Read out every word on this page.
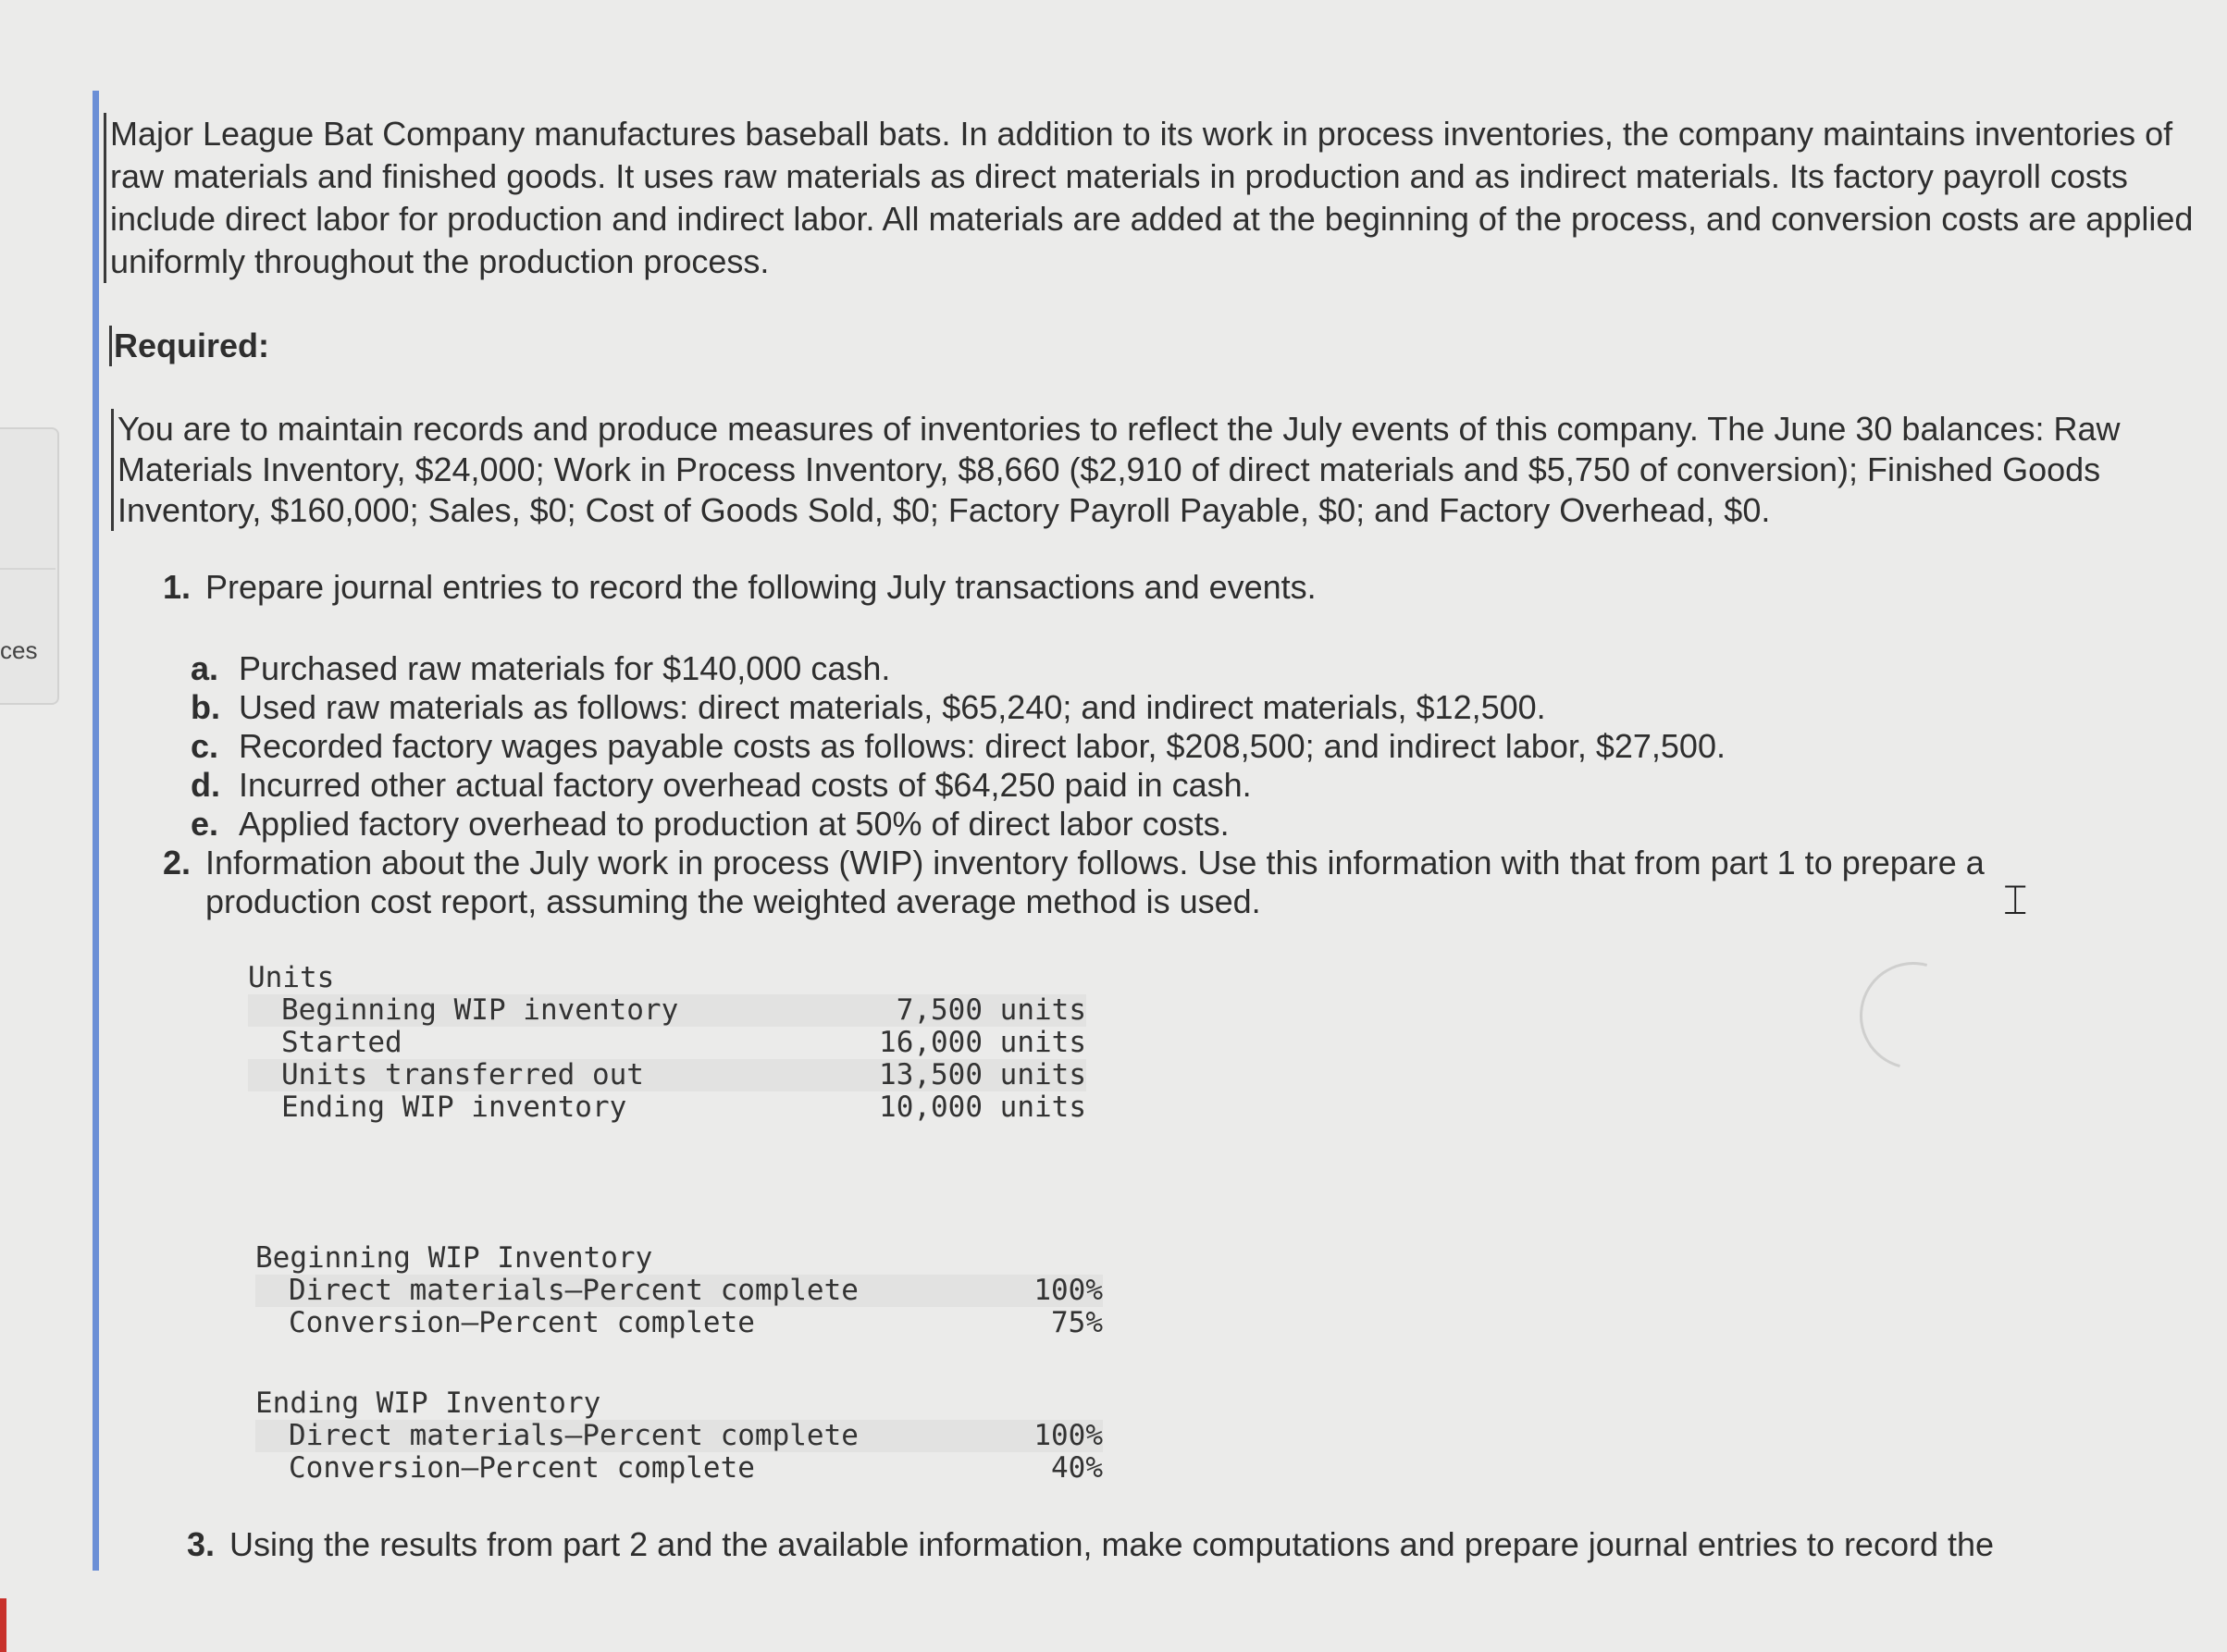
ces

Major League Bat Company manufactures baseball bats. In addition to its work in process inventories, the company maintains inventories of raw materials and finished goods. It uses raw materials as direct materials in production and as indirect materials. Its factory payroll costs include direct labor for production and indirect labor. All materials are added at the beginning of the process, and conversion costs are applied uniformly throughout the production process.

Required:

You are to maintain records and produce measures of inventories to reflect the July events of this company. The June 30 balances: Raw Materials Inventory, $24,000; Work in Process Inventory, $8,660 ($2,910 of direct materials and $5,750 of conversion); Finished Goods Inventory, $160,000; Sales, $0; Cost of Goods Sold, $0; Factory Payroll Payable, $0; and Factory Overhead, $0.

1. Prepare journal entries to record the following July transactions and events.
a. Purchased raw materials for $140,000 cash.
b. Used raw materials as follows: direct materials, $65,240; and indirect materials, $12,500.
c. Recorded factory wages payable costs as follows: direct labor, $208,500; and indirect labor, $27,500.
d. Incurred other actual factory overhead costs of $64,250 paid in cash.
e. Applied factory overhead to production at 50% of direct labor costs.
2. Information about the July work in process (WIP) inventory follows. Use this information with that from part 1 to prepare a production cost report, assuming the weighted average method is used.
Units
Beginning WIP inventory	7,500 units
Started	16,000 units
Units transferred out	13,500 units
Ending WIP inventory	10,000 units
Beginning WIP Inventory
Direct materials—Percent complete	100%
Conversion—Percent complete	75%
Ending WIP Inventory
Direct materials—Percent complete	100%
Conversion—Percent complete	40%
3. Using the results from part 2 and the available information, make computations and prepare journal entries to record the
⌶
